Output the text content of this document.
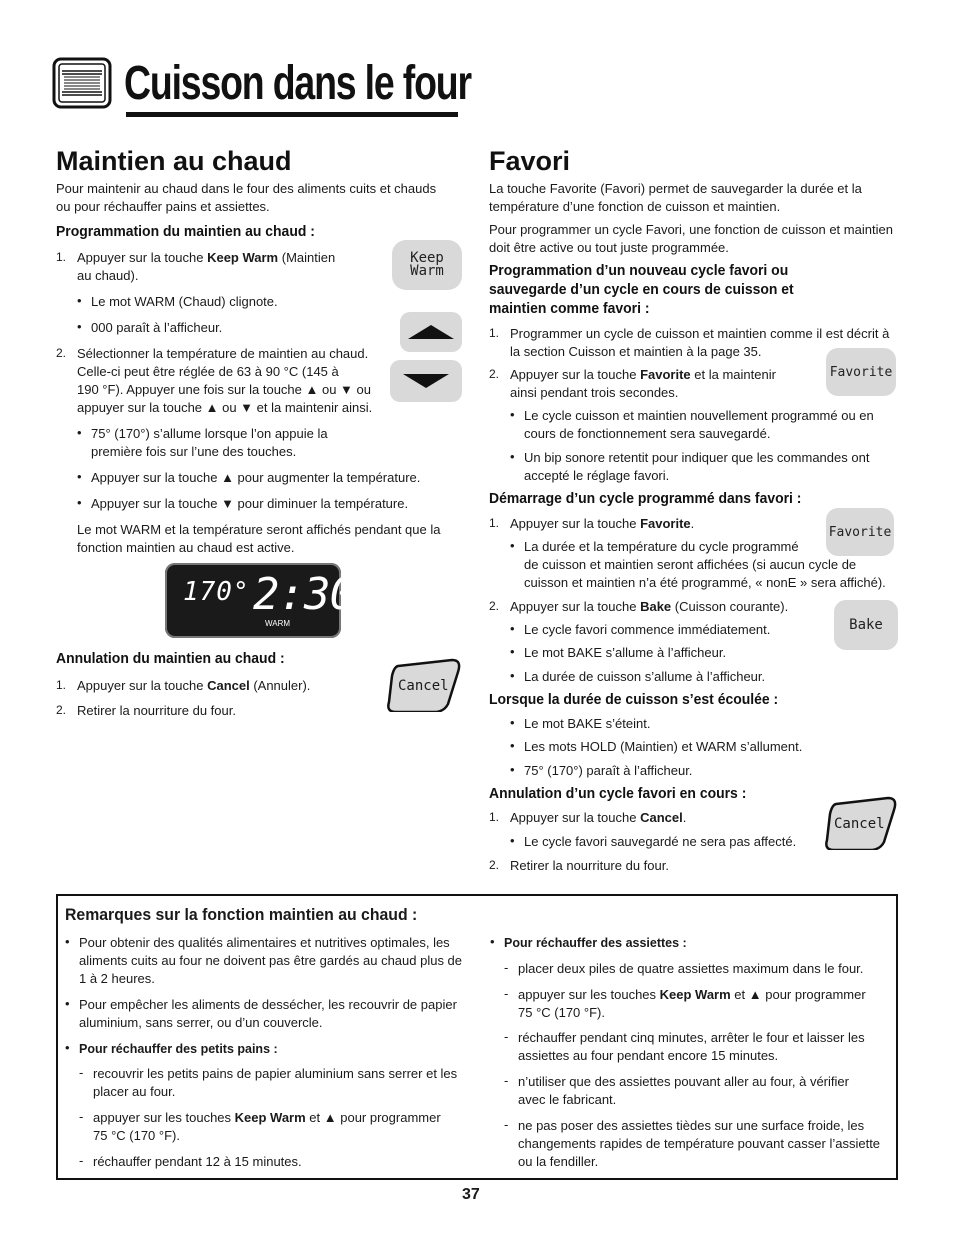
Cuisson dans le four
Maintien au chaud
Pour maintenir au chaud dans le four des aliments cuits et chauds
ou pour réchauffer pains et assiettes.
Programmation du maintien au chaud :
1. Appuyer sur la touche Keep Warm (Maintien
au chaud).
• Le mot WARM (Chaud) clignote.
• 000 paraît à l’afficheur.
2. Sélectionner la température de maintien au chaud.
Celle-ci peut être réglée de 63 à 90 °C (145 à
190 °F). Appuyer une fois sur la touche ▲ ou ▼ ou
appuyer sur la touche ▲ ou ▼ et la maintenir ainsi.
• 75° (170°) s’allume lorsque l’on appuie la
première fois sur l’une des touches.
• Appuyer sur la touche ▲ pour augmenter la température.
• Appuyer sur la touche ▼ pour diminuer la température.
Le mot WARM et la température seront affichés pendant que la
fonction maintien au chaud est active.
170° 2:30
WARM
Annulation du maintien au chaud :
1. Appuyer sur la touche Cancel (Annuler).
2. Retirer la nourriture du four.
Keep
Warm
Cancel
Favori
La touche Favorite (Favori) permet de sauvegarder la durée et la
température d’une fonction de cuisson et maintien.
Pour programmer un cycle Favori, une fonction de cuisson et maintien
doit être active ou tout juste programmée.
Programmation d’un nouveau cycle favori ou
sauvegarde d’un cycle en cours de cuisson et
maintien comme favori :
1. Programmer un cycle de cuisson et maintien comme il est décrit à
la section Cuisson et maintien à la page 35.
2. Appuyer sur la touche Favorite et la maintenir
ainsi pendant trois secondes.
• Le cycle cuisson et maintien nouvellement programmé ou en
cours de fonctionnement sera sauvegardé.
• Un bip sonore retentit pour indiquer que les commandes ont
accepté le réglage favori.
Démarrage d’un cycle programmé dans favori :
1. Appuyer sur la touche Favorite.
• La durée et la température du cycle programmé
de cuisson et maintien seront affichées (si aucun cycle de
cuisson et maintien n’a été programmé, « nonE » sera affiché).
2. Appuyer sur la touche Bake (Cuisson courante).
• Le cycle favori commence immédiatement.
• Le mot BAKE s’allume à l’afficheur.
• La durée de cuisson s’allume à l’afficheur.
Lorsque la durée de cuisson s’est écoulée :
• Le mot BAKE s’éteint.
• Les mots HOLD (Maintien) et WARM s’allument.
• 75° (170°) paraît à l’afficheur.
Annulation d’un cycle favori en cours :
1. Appuyer sur la touche Cancel.
• Le cycle favori sauvegardé ne sera pas affecté.
2. Retirer la nourriture du four.
Favorite
Favorite
Bake
Cancel
Remarques sur la fonction maintien au chaud :
• Pour obtenir des qualités alimentaires et nutritives optimales, les
aliments cuits au four ne doivent pas être gardés au chaud plus de
1 à 2 heures.
• Pour empêcher les aliments de dessécher, les recouvrir de papier
aluminium, sans serrer, ou d’un couvercle.
• Pour réchauffer des petits pains :
- recouvrir les petits pains de papier aluminium sans serrer et les
placer au four.
- appuyer sur les touches Keep Warm et ▲ pour programmer
75 °C (170 °F).
- réchauffer pendant 12 à 15 minutes.
• Pour réchauffer des assiettes :
- placer deux piles de quatre assiettes maximum dans le four.
- appuyer sur les touches Keep Warm et ▲ pour programmer
75 °C (170 °F).
- réchauffer pendant cinq minutes, arrêter le four et laisser les
assiettes au four pendant encore 15 minutes.
- n’utiliser que des assiettes pouvant aller au four, à vérifier
avec le fabricant.
- ne pas poser des assiettes tièdes sur une surface froide, les
changements rapides de température pouvant casser l’assiette
ou la fendiller.
37
